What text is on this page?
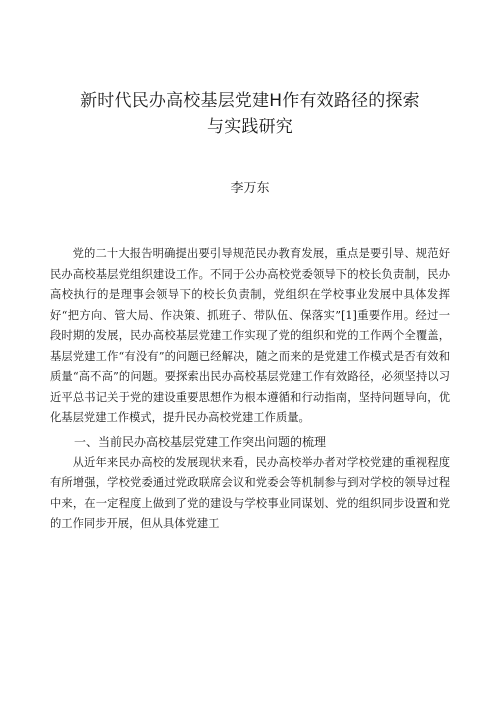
新时代民办高校基层党建H作有效路径的探索
与实践研究
李万东

党的二十大报告明确提出要引导规范民办教育发展，重点是要引导、规范好民办高校基层党组织建设工作。不同于公办高校党委领导下的校长负责制，民办高校执行的是理事会领导下的校长负责制，党组织在学校事业发展中具体发挥好“把方向、管大局、作决策、抓班子、带队伍、保落实”[1]重要作用。经过一段时期的发展，民办高校基层党建工作实现了党的组织和党的工作两个全覆盖，基层党建工作“有没有”的问题已经解决，随之而来的是党建工作模式是否有效和质量“高不高”的问题。要探索出民办高校基层党建工作有效路径，必须坚持以习近平总书记关于党的建设重要思想作为根本遵循和行动指南，坚持问题导向，优化基层党建工作模式，提升民办高校党建工作质量。

一、当前民办高校基层党建工作突出问题的梳理

从近年来民办高校的发展现状来看，民办高校举办者对学校党建的重视程度有所增强，学校党委通过党政联席会议和党委会等机制参与到对学校的领导过程中来，在一定程度上做到了党的建设与学校事业同谋划、党的组织同步设置和党的工作同步开展，但从具体党建工
